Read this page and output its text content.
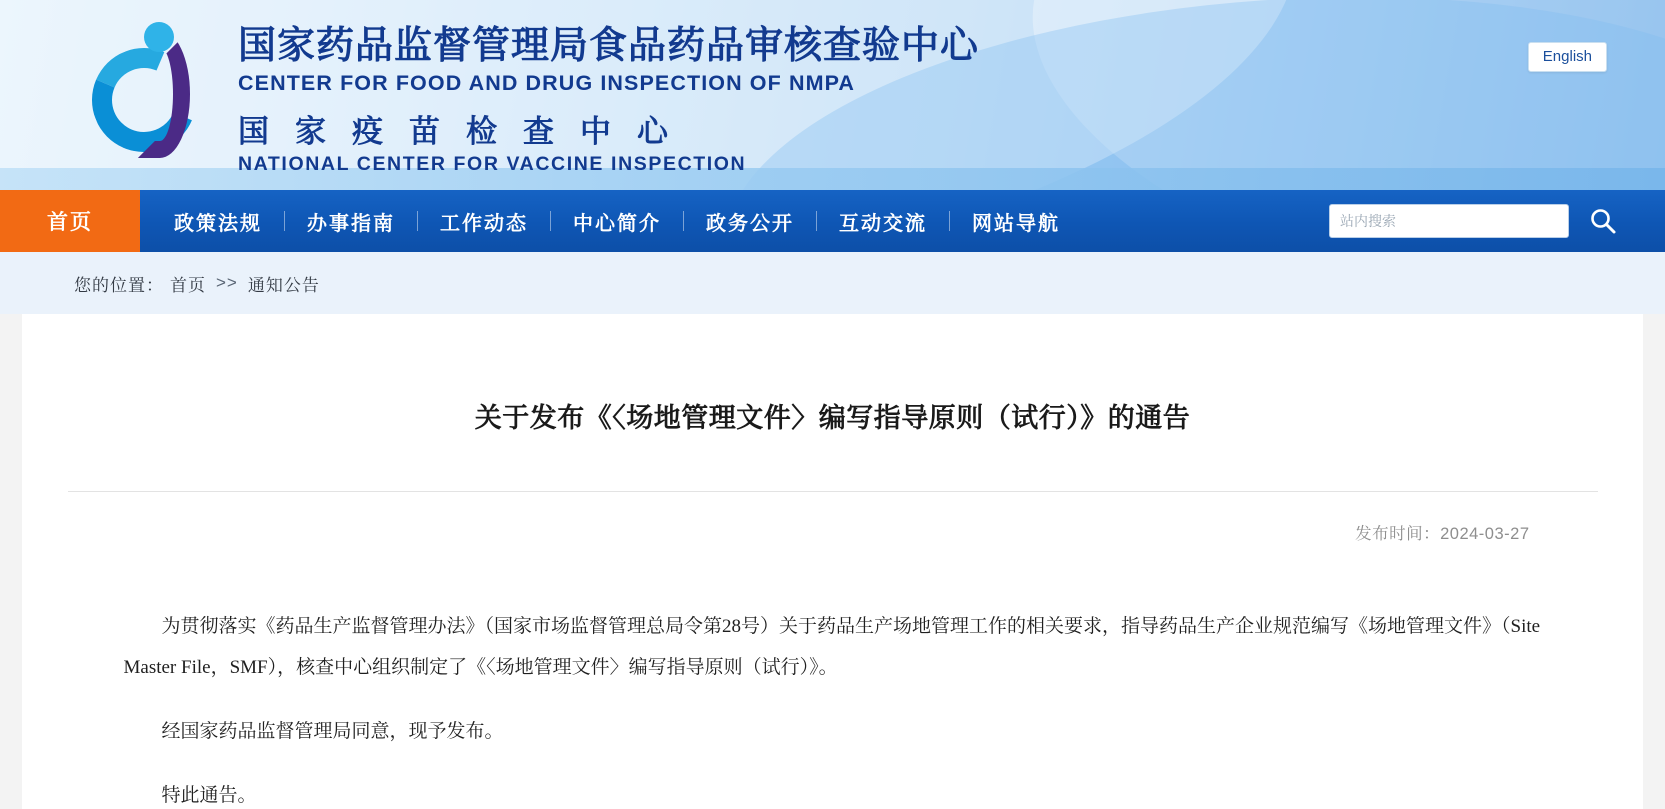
国家药品监督管理局食品药品审核查验中心
CENTER FOR FOOD AND DRUG INSPECTION OF NMPA
国家疫苗检查中心
NATIONAL CENTER FOR VACCINE INSPECTION
English
首页	政策法规	办事指南	工作动态	中心简介	政务公开	互动交流	网站导航
站内搜索
您的位置： 首页 >> 通知公告
关于发布《〈场地管理文件〉编写指导原则（试行）》的通告
发布时间：2024-03-27

为贯彻落实《药品生产监督管理办法》（国家市场监督管理总局令第28号）关于药品生产场地管理工作的相关要求，指导药品生产企业规范编写《场地管理文件》（Site Master File，SMF），核查中心组织制定了《〈场地管理文件〉编写指导原则（试行）》。

经国家药品监督管理局同意，现予发布。

特此通告。
